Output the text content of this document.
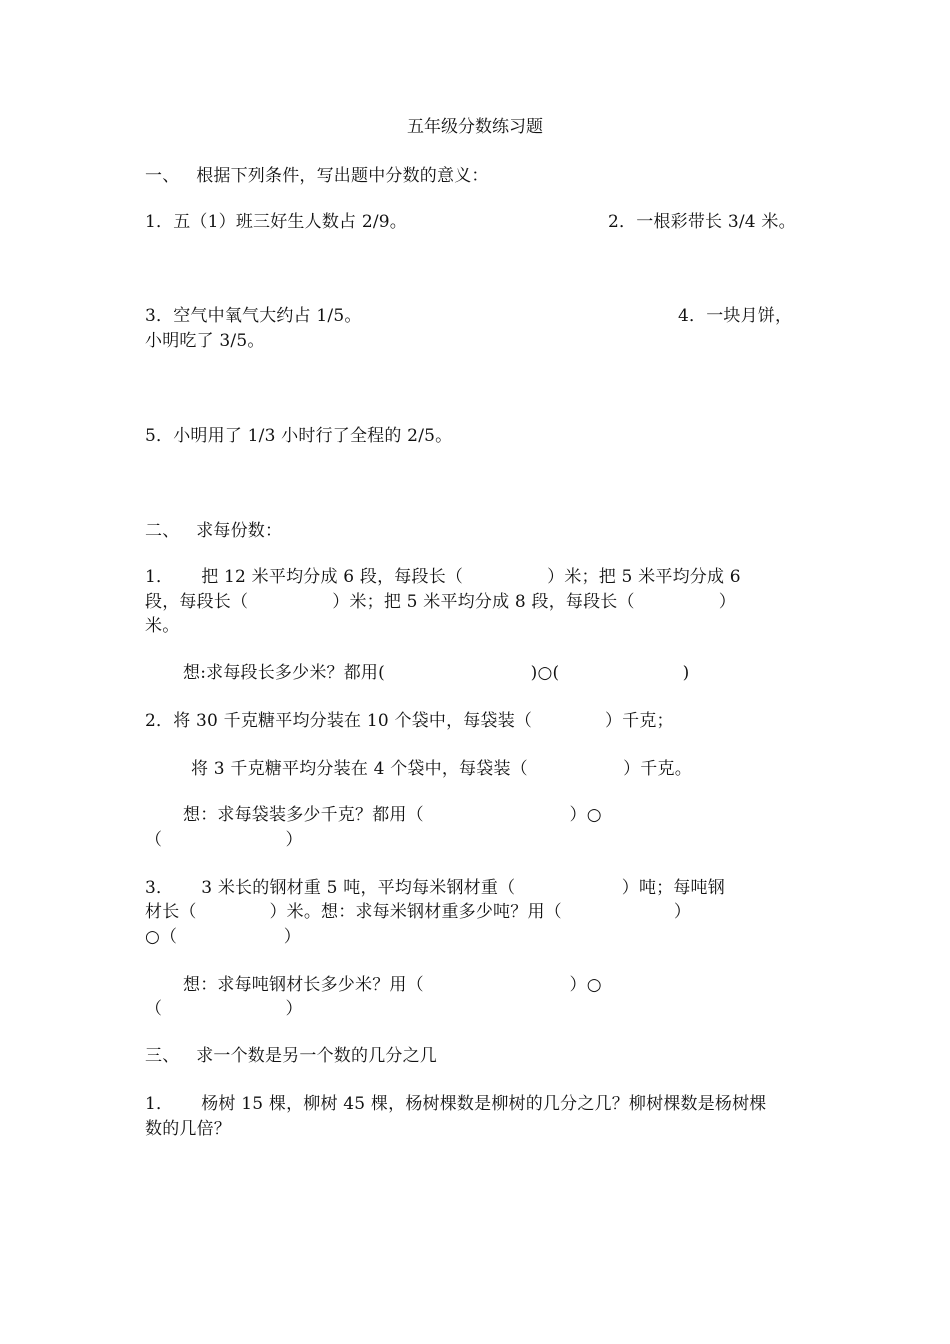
五年级分数练习题
一、   根据下列条件，写出题中分数的意义：
1．五（1）班三好生人数占 2/9。	2．一根彩带长 3/4 米。
3．空气中氧气大约占 1/5。	4．一块月饼，
小明吃了 3/5。
5．小明用了 1/3 小时行了全程的 2/5。
二、   求每份数：
1．     把 12 米平均分成 6 段，每段长（               ）米；把 5 米平均分成 6
段，每段长（               ）米；把 5 米平均分成 8 段，每段长（               ）
米。
想:求每段长多少米？都用(                          )○(                      )
2．将 30 千克糖平均分装在 10 个袋中，每袋装（             ）千克；
将 3 千克糖平均分装在 4 个袋中，每袋装（                 ）千克。
想：求每袋装多少千克？都用（                          ）○
（                      ）
3．     3 米长的钢材重 5 吨，平均每米钢材重（                   ）吨；每吨钢
材长（             ）米。想：求每米钢材重多少吨？用（                    ）
○（                   ）
想：求每吨钢材长多少米？用（                          ）○
（                      ）
三、   求一个数是另一个数的几分之几
1．     杨树 15 棵，柳树 45 棵，杨树棵数是柳树的几分之几？柳树棵数是杨树棵
数的几倍？
